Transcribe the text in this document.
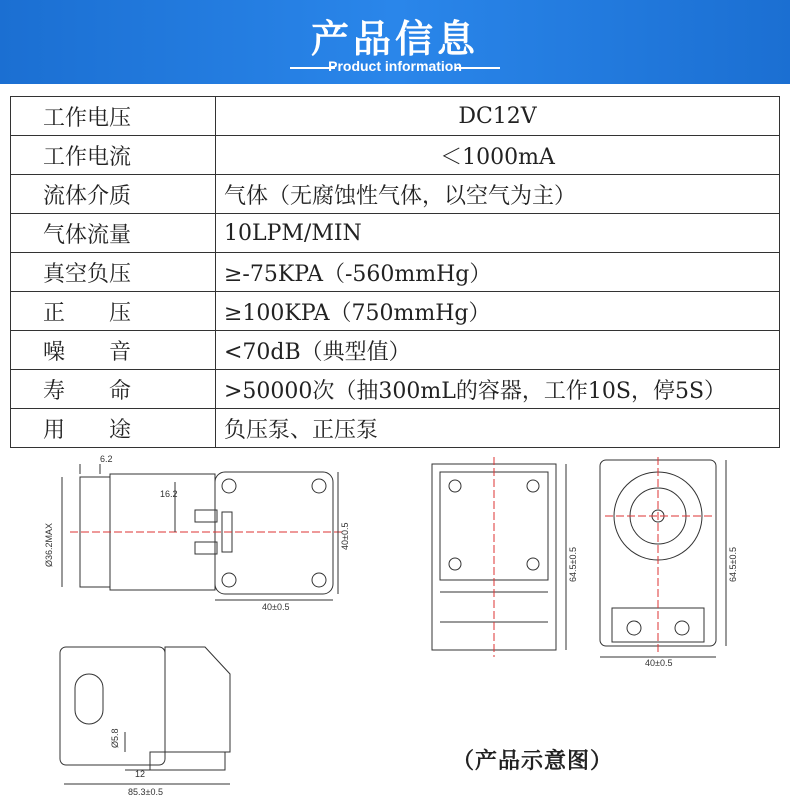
产品信息
Product information
工作电压	DC12V
工作电流	＜1000mA
流体介质	气体（无腐蚀性气体，以空气为主）
气体流量	10LPM/MIN
真空负压	≥-75KPA（-560mmHg）
正　　压	≥100KPA（750mmHg）
噪　　音	<70dB（典型值）
寿　　命	>50000次（抽300mL的容器，工作10S，停5S）
用　　途	负压泵、正压泵
6.2
16.2
Ø36.2MAX	40±0.5
40±0.5
64.5±0.5	64.5±0.5
40±0.5
Ø5.8
12
85.3±0.5
（产品示意图）
